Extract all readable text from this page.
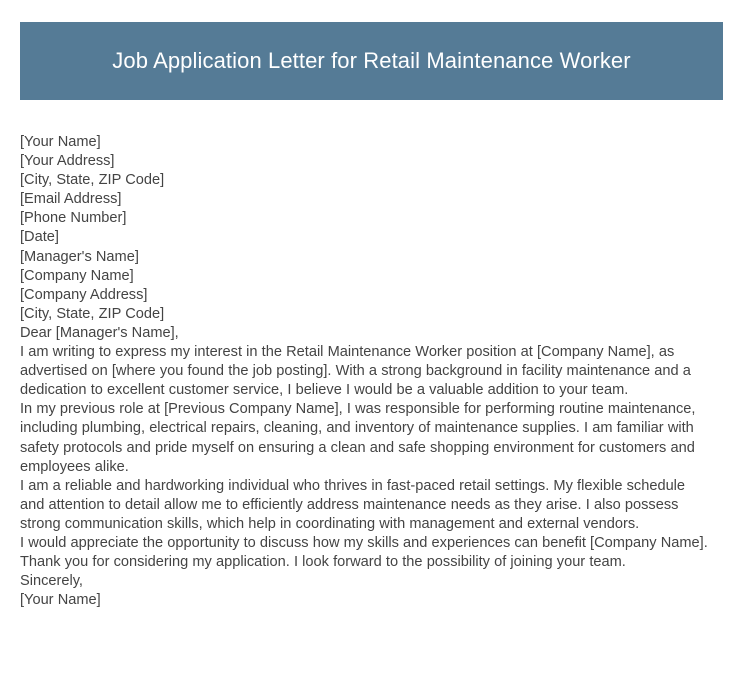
Job Application Letter for Retail Maintenance Worker
[Your Name]
[Your Address]
[City, State, ZIP Code]
[Email Address]
[Phone Number]
[Date]
[Manager's Name]
[Company Name]
[Company Address]
[City, State, ZIP Code]
Dear [Manager's Name],

I am writing to express my interest in the Retail Maintenance Worker position at [Company Name], as advertised on [where you found the job posting]. With a strong background in facility maintenance and a dedication to excellent customer service, I believe I would be a valuable addition to your team.

In my previous role at [Previous Company Name], I was responsible for performing routine maintenance, including plumbing, electrical repairs, cleaning, and inventory of maintenance supplies. I am familiar with safety protocols and pride myself on ensuring a clean and safe shopping environment for customers and employees alike.

I am a reliable and hardworking individual who thrives in fast-paced retail settings. My flexible schedule and attention to detail allow me to efficiently address maintenance needs as they arise. I also possess strong communication skills, which help in coordinating with management and external vendors.

I would appreciate the opportunity to discuss how my skills and experiences can benefit [Company Name]. Thank you for considering my application. I look forward to the possibility of joining your team.

Sincerely,
[Your Name]
